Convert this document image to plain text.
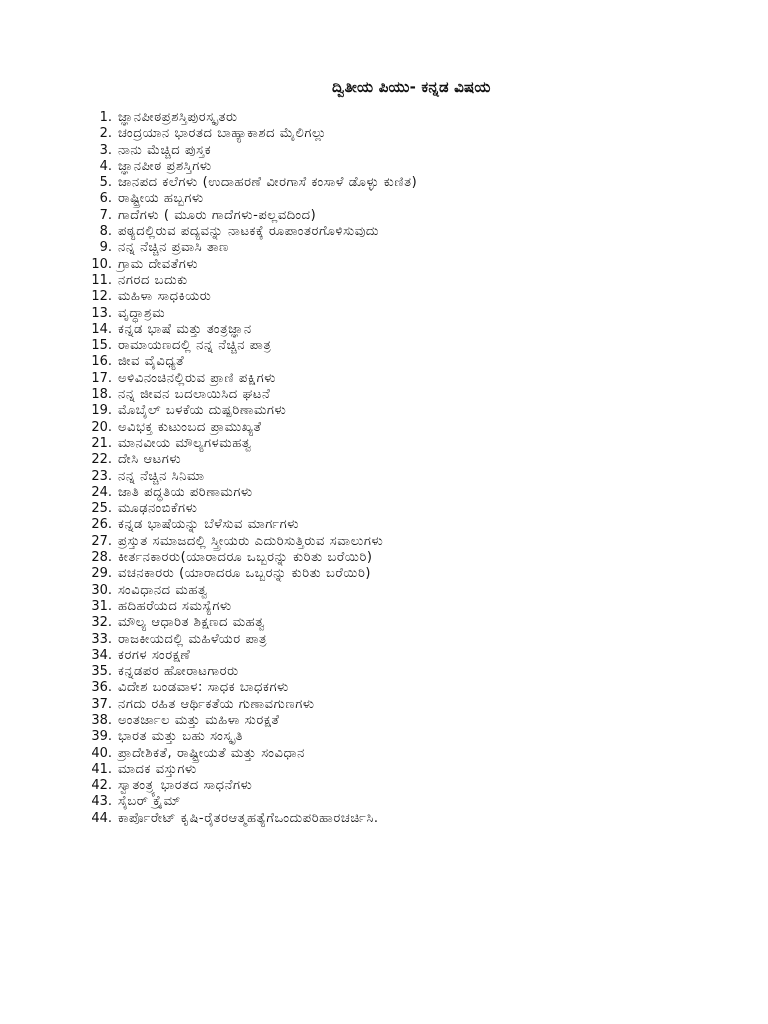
ದ್ವಿತೀಯ ಪಿಯು- ಕನ್ನಡ ವಿಷಯ
1. ಜ್ಞಾನಪೀಠಪ್ರಶಸ್ತಿಪುರಸ್ಕೃತರು
2. ಚಂದ್ರಯಾನ ಭಾರತದ ಬಾಹ್ಯಾಕಾಶದ ಮೈಲಿಗಲ್ಲು
3. ನಾನು ಮೆಚ್ಚಿದ ಪುಸ್ತಕ
4. ಜ್ಞಾನಪೀಠ ಪ್ರಶಸ್ತಿಗಳು
5. ಜಾನಪದ ಕಲೆಗಳು (ಉದಾಹರಣೆ ವೀರಗಾಸೆ ಕಂಸಾಳೆ ಡೊಳ್ಳು ಕುಣಿತ)
6. ರಾಷ್ಟ್ರೀಯ ಹಬ್ಬಗಳು
7. ಗಾದೆಗಳು ( ಮೂರು ಗಾದೆಗಳು-ಪಲ್ಲವದಿಂದ)
8. ಪಠ್ಯದಲ್ಲಿರುವ ಪದ್ಯವನ್ನು ನಾಟಕಕ್ಕೆ ರೂಪಾಂತರಗೊಳಿಸುವುದು
9. ನನ್ನ ನೆಚ್ಚಿನ ಪ್ರವಾಸಿ ತಾಣ
10. ಗ್ರಾಮ ದೇವತೆಗಳು
11. ನಗರದ ಬದುಕು
12. ಮಹಿಳಾ ಸಾಧಕಿಯರು
13. ವೃದ್ಧಾಶ್ರಮ
14. ಕನ್ನಡ ಭಾಷೆ ಮತ್ತು ತಂತ್ರಜ್ಞಾನ
15. ರಾಮಾಯಣದಲ್ಲಿ ನನ್ನ ನೆಚ್ಚಿನ ಪಾತ್ರ
16. ಜೀವ ವೈವಿಧ್ಯತೆ
17. ಅಳಿವಿನಂಚಿನಲ್ಲಿರುವ ಪ್ರಾಣಿ ಪಕ್ಷಿಗಳು
18. ನನ್ನ ಜೀವನ ಬದಲಾಯಿಸಿದ ಘಟನೆ
19. ಮೊಬೈಲ್ ಬಳಕೆಯ ದುಷ್ಪರಿಣಾಮಗಳು
20. ಅವಿಭಕ್ತ ಕುಟುಂಬದ ಪ್ರಾಮುಖ್ಯತೆ
21. ಮಾನವೀಯ ಮೌಲ್ಯಗಳಮಹತ್ವ
22. ದೇಸಿ ಆಟಗಳು
23. ನನ್ನ ನೆಚ್ಚಿನ ಸಿನಿಮಾ
24. ಜಾತಿ ಪದ್ಧತಿಯ ಪರಿಣಾಮಗಳು
25. ಮೂಢನಂಬಿಕೆಗಳು
26. ಕನ್ನಡ ಭಾಷೆಯನ್ನು ಬೆಳೆಸುವ ಮಾರ್ಗಗಳು
27. ಪ್ರಸ್ತುತ ಸಮಾಜದಲ್ಲಿ ಸ್ತ್ರೀಯರು ಎದುರಿಸುತ್ತಿರುವ ಸವಾಲುಗಳು
28. ಕೀರ್ತನಕಾರರು(ಯಾರಾದರೂ ಒಬ್ಬರನ್ನು ಕುರಿತು ಬರೆಯಿರಿ)
29. ವಚನಕಾರರು (ಯಾರಾದರೂ ಒಬ್ಬರನ್ನು ಕುರಿತು ಬರೆಯಿರಿ)
30. ಸಂವಿಧಾನದ ಮಹತ್ವ
31. ಹದಿಹರೆಯದ ಸಮಸ್ಯೆಗಳು
32. ಮೌಲ್ಯ ಆಧಾರಿತ ಶಿಕ್ಷಣದ ಮಹತ್ವ
33. ರಾಜಕೀಯದಲ್ಲಿ ಮಹಿಳೆಯರ ಪಾತ್ರ
34. ಕರಗಳ ಸಂರಕ್ಷಣೆ
35. ಕನ್ನಡಪರ ಹೋರಾಟಗಾರರು
36. ವಿದೇಶ ಬಂಡವಾಳ: ಸಾಧಕ ಬಾಧಕಗಳು
37. ನಗದು ರಹಿತ ಆರ್ಥಿಕತೆಯ ಗುಣಾವಗುಣಗಳು
38. ಅಂತರ್ಜಾಲ ಮತ್ತು ಮಹಿಳಾ ಸುರಕ್ಷತೆ
39. ಭಾರತ ಮತ್ತು ಬಹು ಸಂಸ್ಕೃತಿ
40. ಪ್ರಾದೇಶಿಕತೆ, ರಾಷ್ಟ್ರೀಯತೆ ಮತ್ತು ಸಂವಿಧಾನ
41. ಮಾದಕ ವಸ್ತುಗಳು
42. ಸ್ವಾತಂತ್ರ್ಯ ಭಾರತದ ಸಾಧನೆಗಳು
43. ಸೈಬರ್ ಕ್ರೈಮ್
44. ಕಾರ್ಪೊರೇಟ್ ಕೃಷಿ-ರೈತರಆತ್ಮಹತ್ಯೆಗೆಒಂದುಪರಿಹಾರಚರ್ಚಿಸಿ.
